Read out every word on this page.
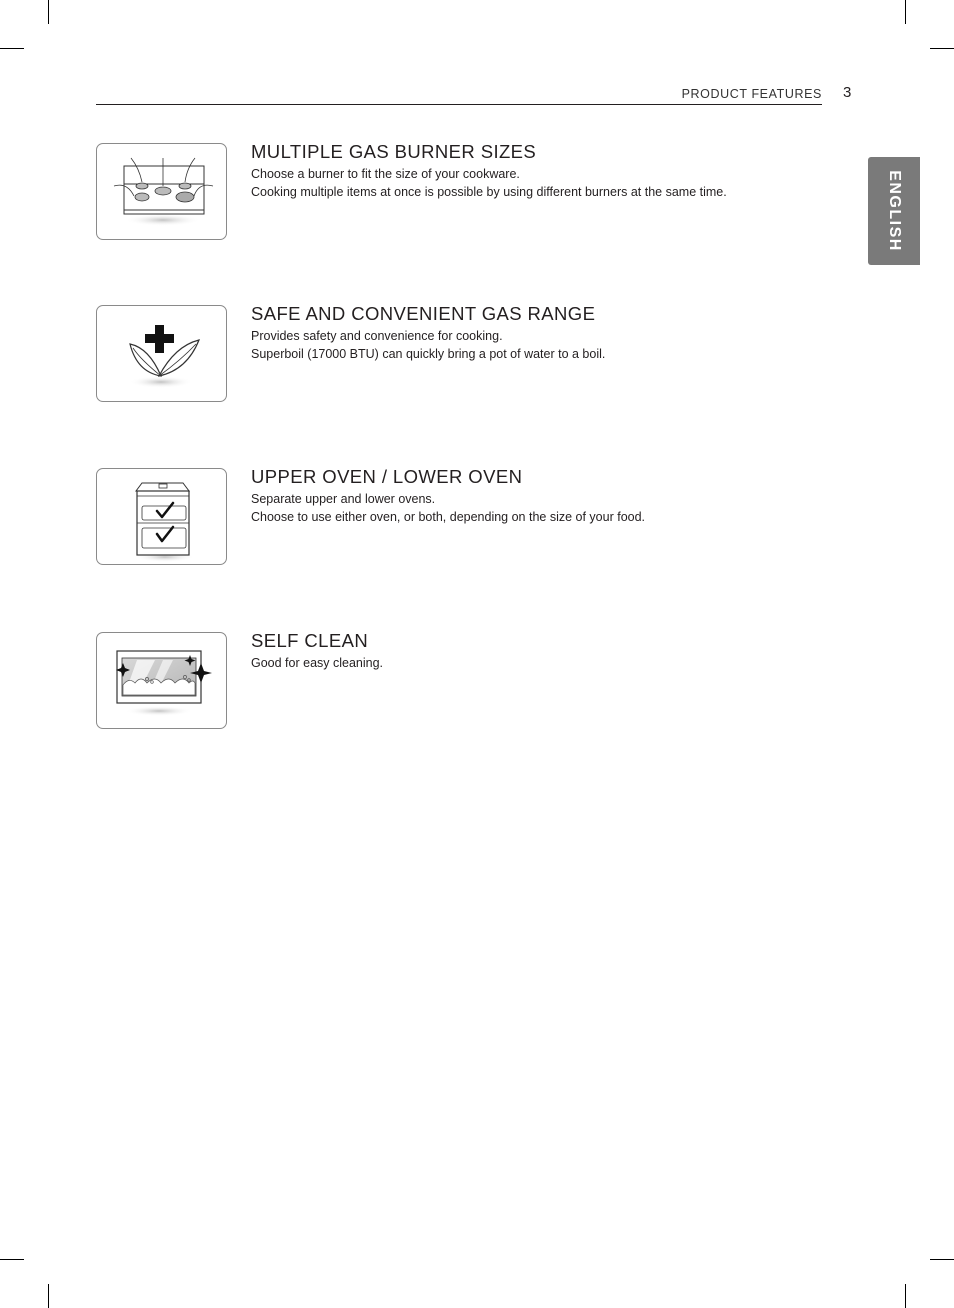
PRODUCT FEATURES 3
ENGLISH
MULTIPLE GAS BURNER SIZES
Choose a burner to fit the size of your cookware.
Cooking multiple items at once is possible by using different burners at the same time.
SAFE AND CONVENIENT GAS RANGE
Provides safety and convenience for cooking.
Superboil (17000 BTU) can quickly bring a pot of water to a boil.
UPPER OVEN / LOWER OVEN
Separate upper and lower ovens.
Choose to use either oven, or both, depending on the size of your food.
SELF CLEAN
Good for easy cleaning.
